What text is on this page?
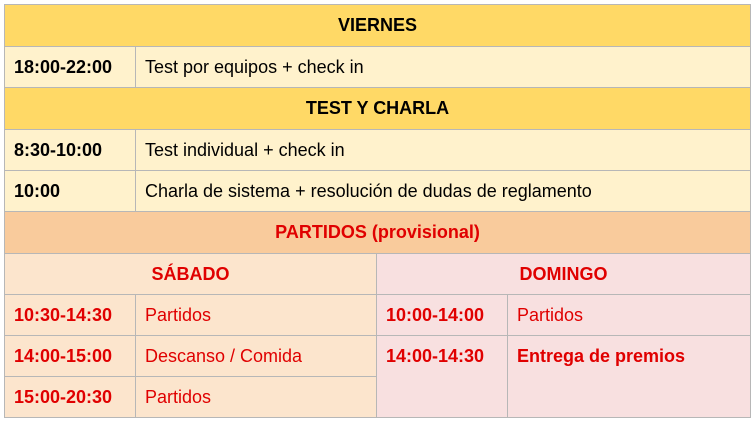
VIERNES			
18:00-22:00	Test por equipos + check in		
TEST Y CHARLA			
8:30-10:00	Test individual + check in		
10:00	Charla de sistema + resolución de dudas de reglamento		
PARTIDOS (provisional)			
SÁBADO		DOMINGO	
10:30-14:30	Partidos	10:00-14:00	Partidos
14:00-15:00	Descanso / Comida	14:00-14:30	Entrega de premios
15:00-20:30	Partidos		
